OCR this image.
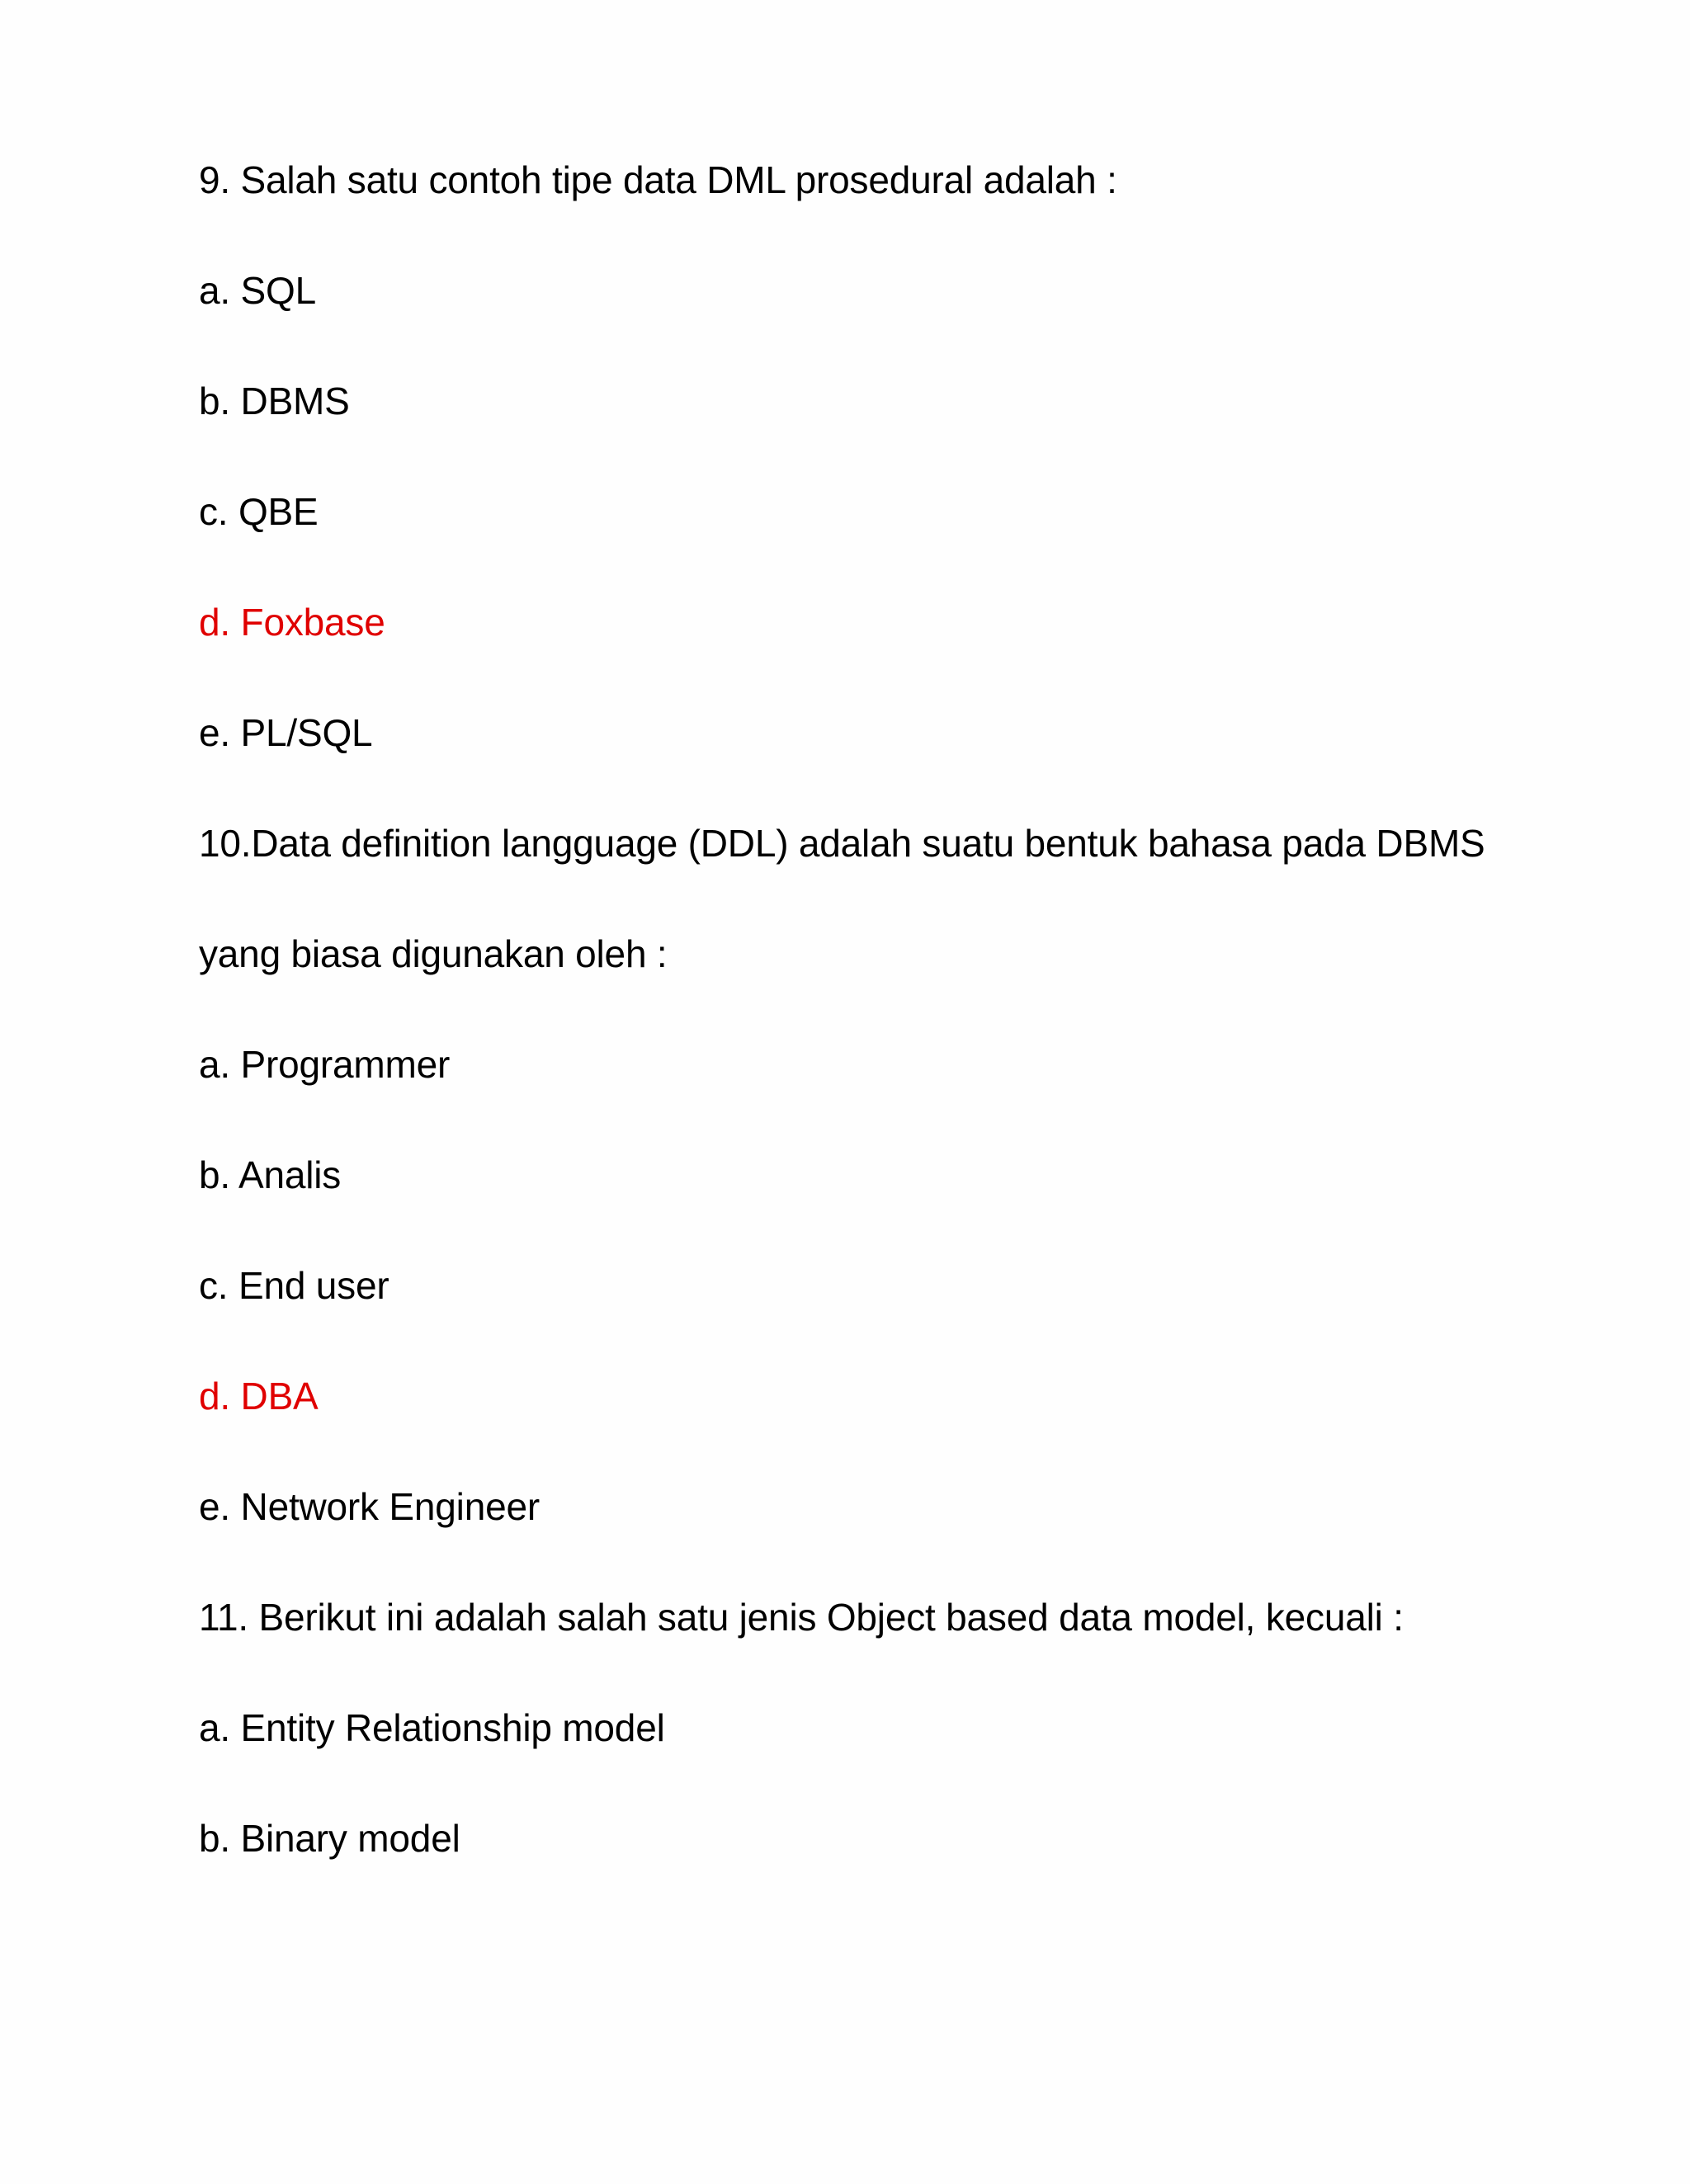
9. Salah satu contoh tipe data DML prosedural adalah :
a. SQL
b. DBMS
c. QBE
d. Foxbase
e. PL/SQL
10.Data definition langguage (DDL) adalah suatu bentuk bahasa pada DBMS
yang biasa digunakan oleh :
a. Programmer
b. Analis
c. End user
d. DBA
e. Network Engineer
11. Berikut ini adalah salah satu jenis Object based data model, kecuali :
a. Entity Relationship model
b. Binary model
